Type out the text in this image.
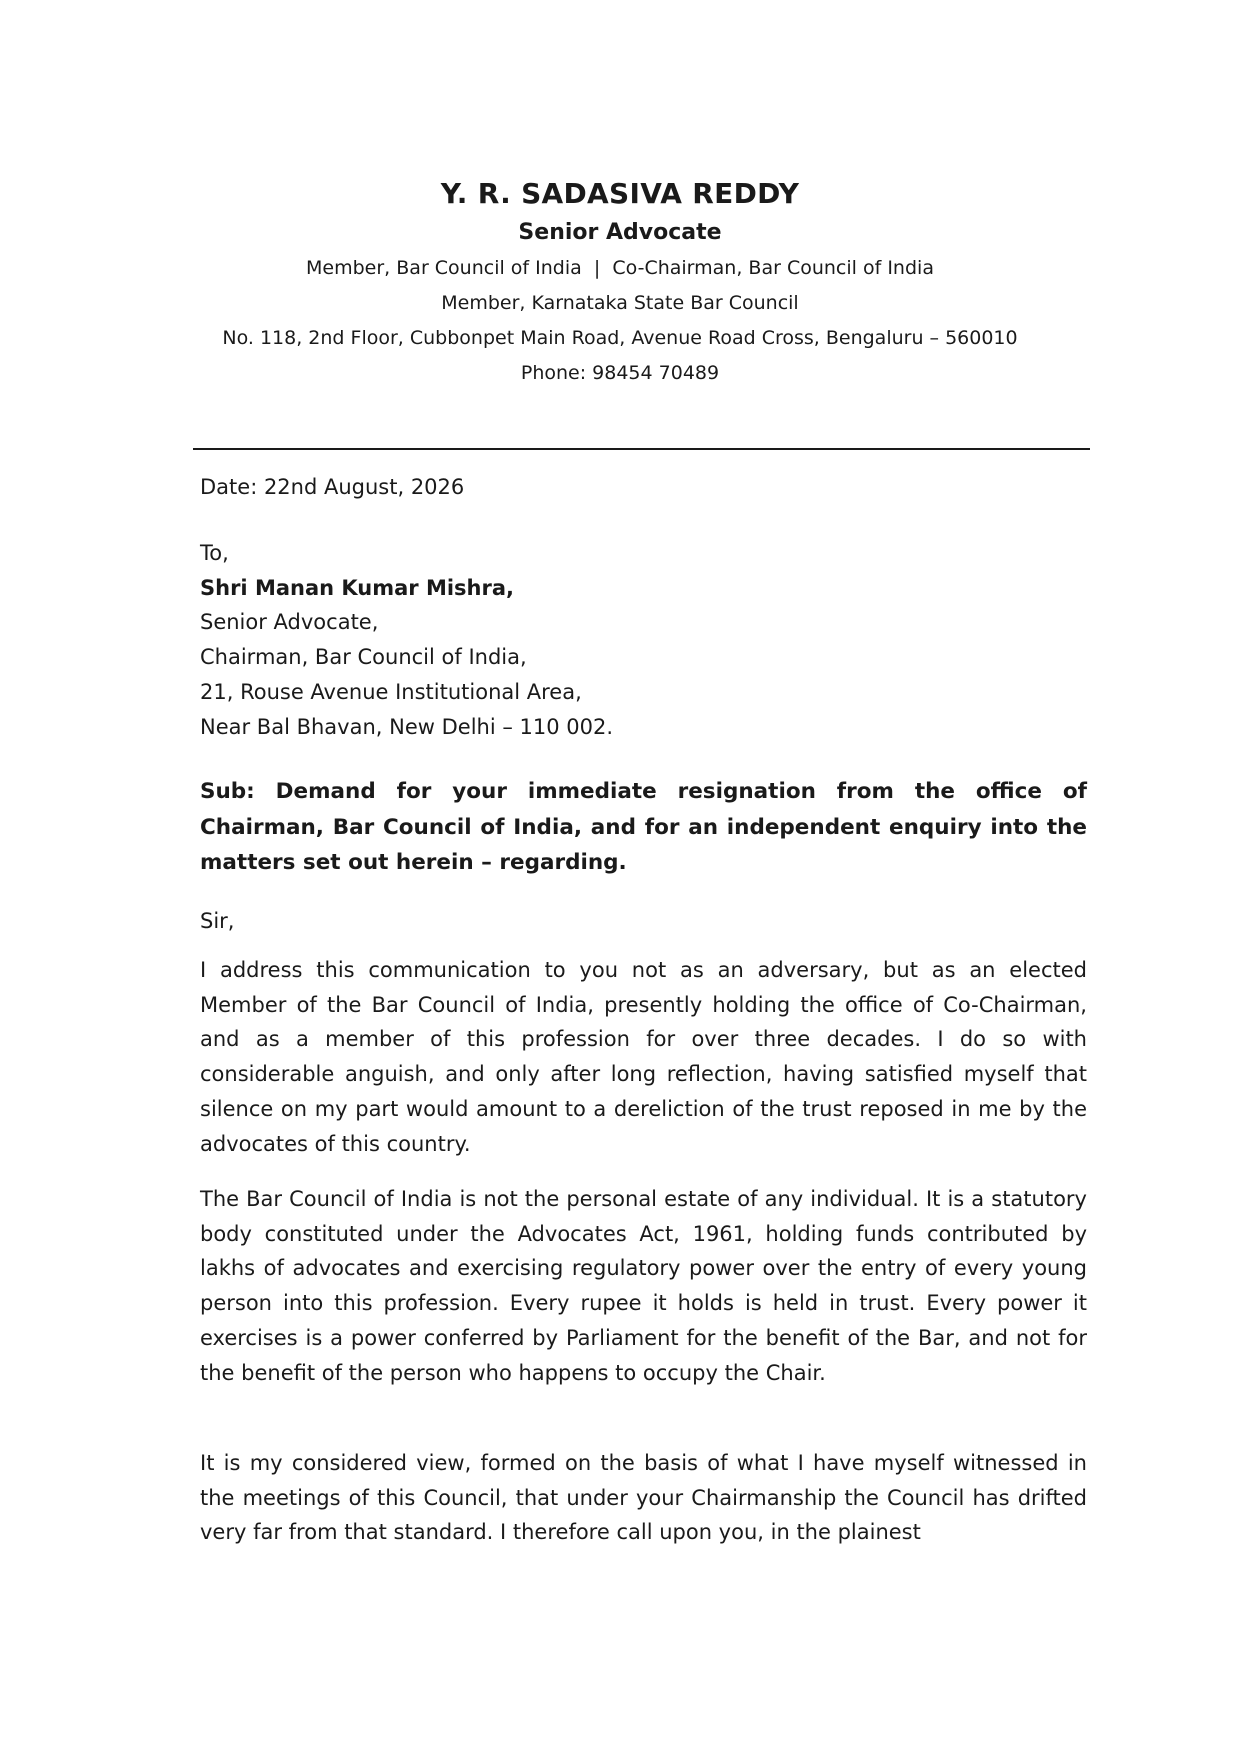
Y. R. SADASIVA REDDY
Senior Advocate
Member, Bar Council of India  |  Co-Chairman, Bar Council of India
Member, Karnataka State Bar Council
No. 118, 2nd Floor, Cubbonpet Main Road, Avenue Road Cross, Bengaluru – 560010
Phone: 98454 70489
Date: 22nd August, 2026
To,
Shri Manan Kumar Mishra,
Senior Advocate,
Chairman, Bar Council of India,
21, Rouse Avenue Institutional Area,
Near Bal Bhavan, New Delhi – 110 002.
Sub: Demand for your immediate resignation from the office of Chairman, Bar Council of India, and for an independent enquiry into the matters set out herein – regarding.
Sir,
I address this communication to you not as an adversary, but as an elected Member of the Bar Council of India, presently holding the office of Co-Chairman, and as a member of this profession for over three decades. I do so with considerable anguish, and only after long reflection, having satisfied myself that silence on my part would amount to a dereliction of the trust reposed in me by the advocates of this country.
The Bar Council of India is not the personal estate of any individual. It is a statutory body constituted under the Advocates Act, 1961, holding funds contributed by lakhs of advocates and exercising regulatory power over the entry of every young person into this profession. Every rupee it holds is held in trust. Every power it exercises is a power conferred by Parliament for the benefit of the Bar, and not for the benefit of the person who happens to occupy the Chair.
It is my considered view, formed on the basis of what I have myself witnessed in the meetings of this Council, that under your Chairmanship the Council has drifted very far from that standard. I therefore call upon you, in the plainest
